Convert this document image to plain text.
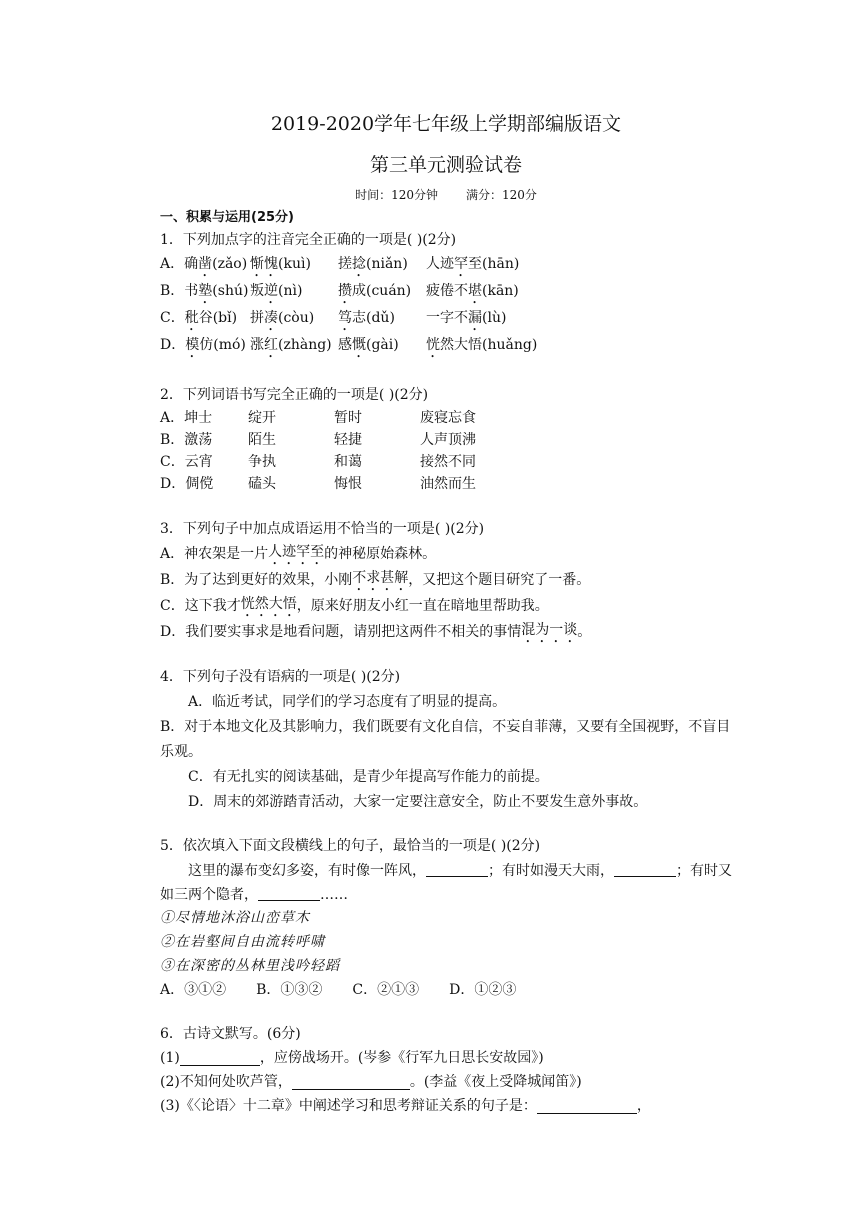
2019-2020学年七年级上学期部编版语文
第三单元测验试卷
时间：120分钟 满分：120分
一、积累与运用(25分)
1．下列加点字的注音完全正确的一项是( )(2分)
A．确凿(zǎo) 惭愧(kuì)	搓捻(niǎn)	人迹罕至(hān)
B．书塾(shú) 叛逆(nì)	攒成(cuán)	疲倦不堪(kān)
C．秕谷(bǐ) 拼凑(còu)	笃志(dǔ)	一字不漏(lù)
D．模仿(mó) 涨红(zhàng) 感慨(gài)	恍然大悟(huǎng)
2．下列词语书写完全正确的一项是( )(2分)
A．坤士	绽开	暂时	废寝忘食
B．激荡	陌生	轻捷	人声顶沸
C．云宵	争执	和蔼	接然不同
D．倜傥	磕头	悔恨	油然而生
3．下列句子中加点成语运用不恰当的一项是( )(2分)
A．神农架是一片 人迹罕至 的神秘原始森林。
B．为了达到更好的效果，小刚 不求甚解 ，又把这个题目研究了一番。
C．这下我才 恍然大悟 ，原来好朋友小红一直在暗地里帮助我。
D．我们要实事求是地看问题，请别把这两件不相关的事情 混为一谈 。
4．下列句子没有语病的一项是( )(2分)

A．临近考试，同学们的学习态度有了明显的提高。

B．对于本地文化及其影响力，我们既要有文化自信，不妄自菲薄，又要有全国视野，不盲目乐观。

C．有无扎实的阅读基础，是青少年提高写作能力的前提。

D．周末的郊游踏青活动，大家一定要注意安全，防止不要发生意外事故。

5．依次填入下面文段横线上的句子，最恰当的一项是( )(2分)

这里的瀑布变幻多姿，有时像一阵风，	；有时如漫天大雨，	；有时又如三两个隐者，	……

①尽情地沐浴山峦草木
②在岩壑间自由流转呼啸
③在深密的丛林里浅吟轻蹈
A．③①② B．①③② C．②①③ D．①②③
6．古诗文默写。(6分)
(1)	，应傍战场开。(岑参《行军九日思长安故园》)
(2)不知何处吹芦管，	。(李益《夜上受降城闻笛》)
(3)《〈论语〉十二章》中阐述学习和思考辩证关系的句子是：	，
